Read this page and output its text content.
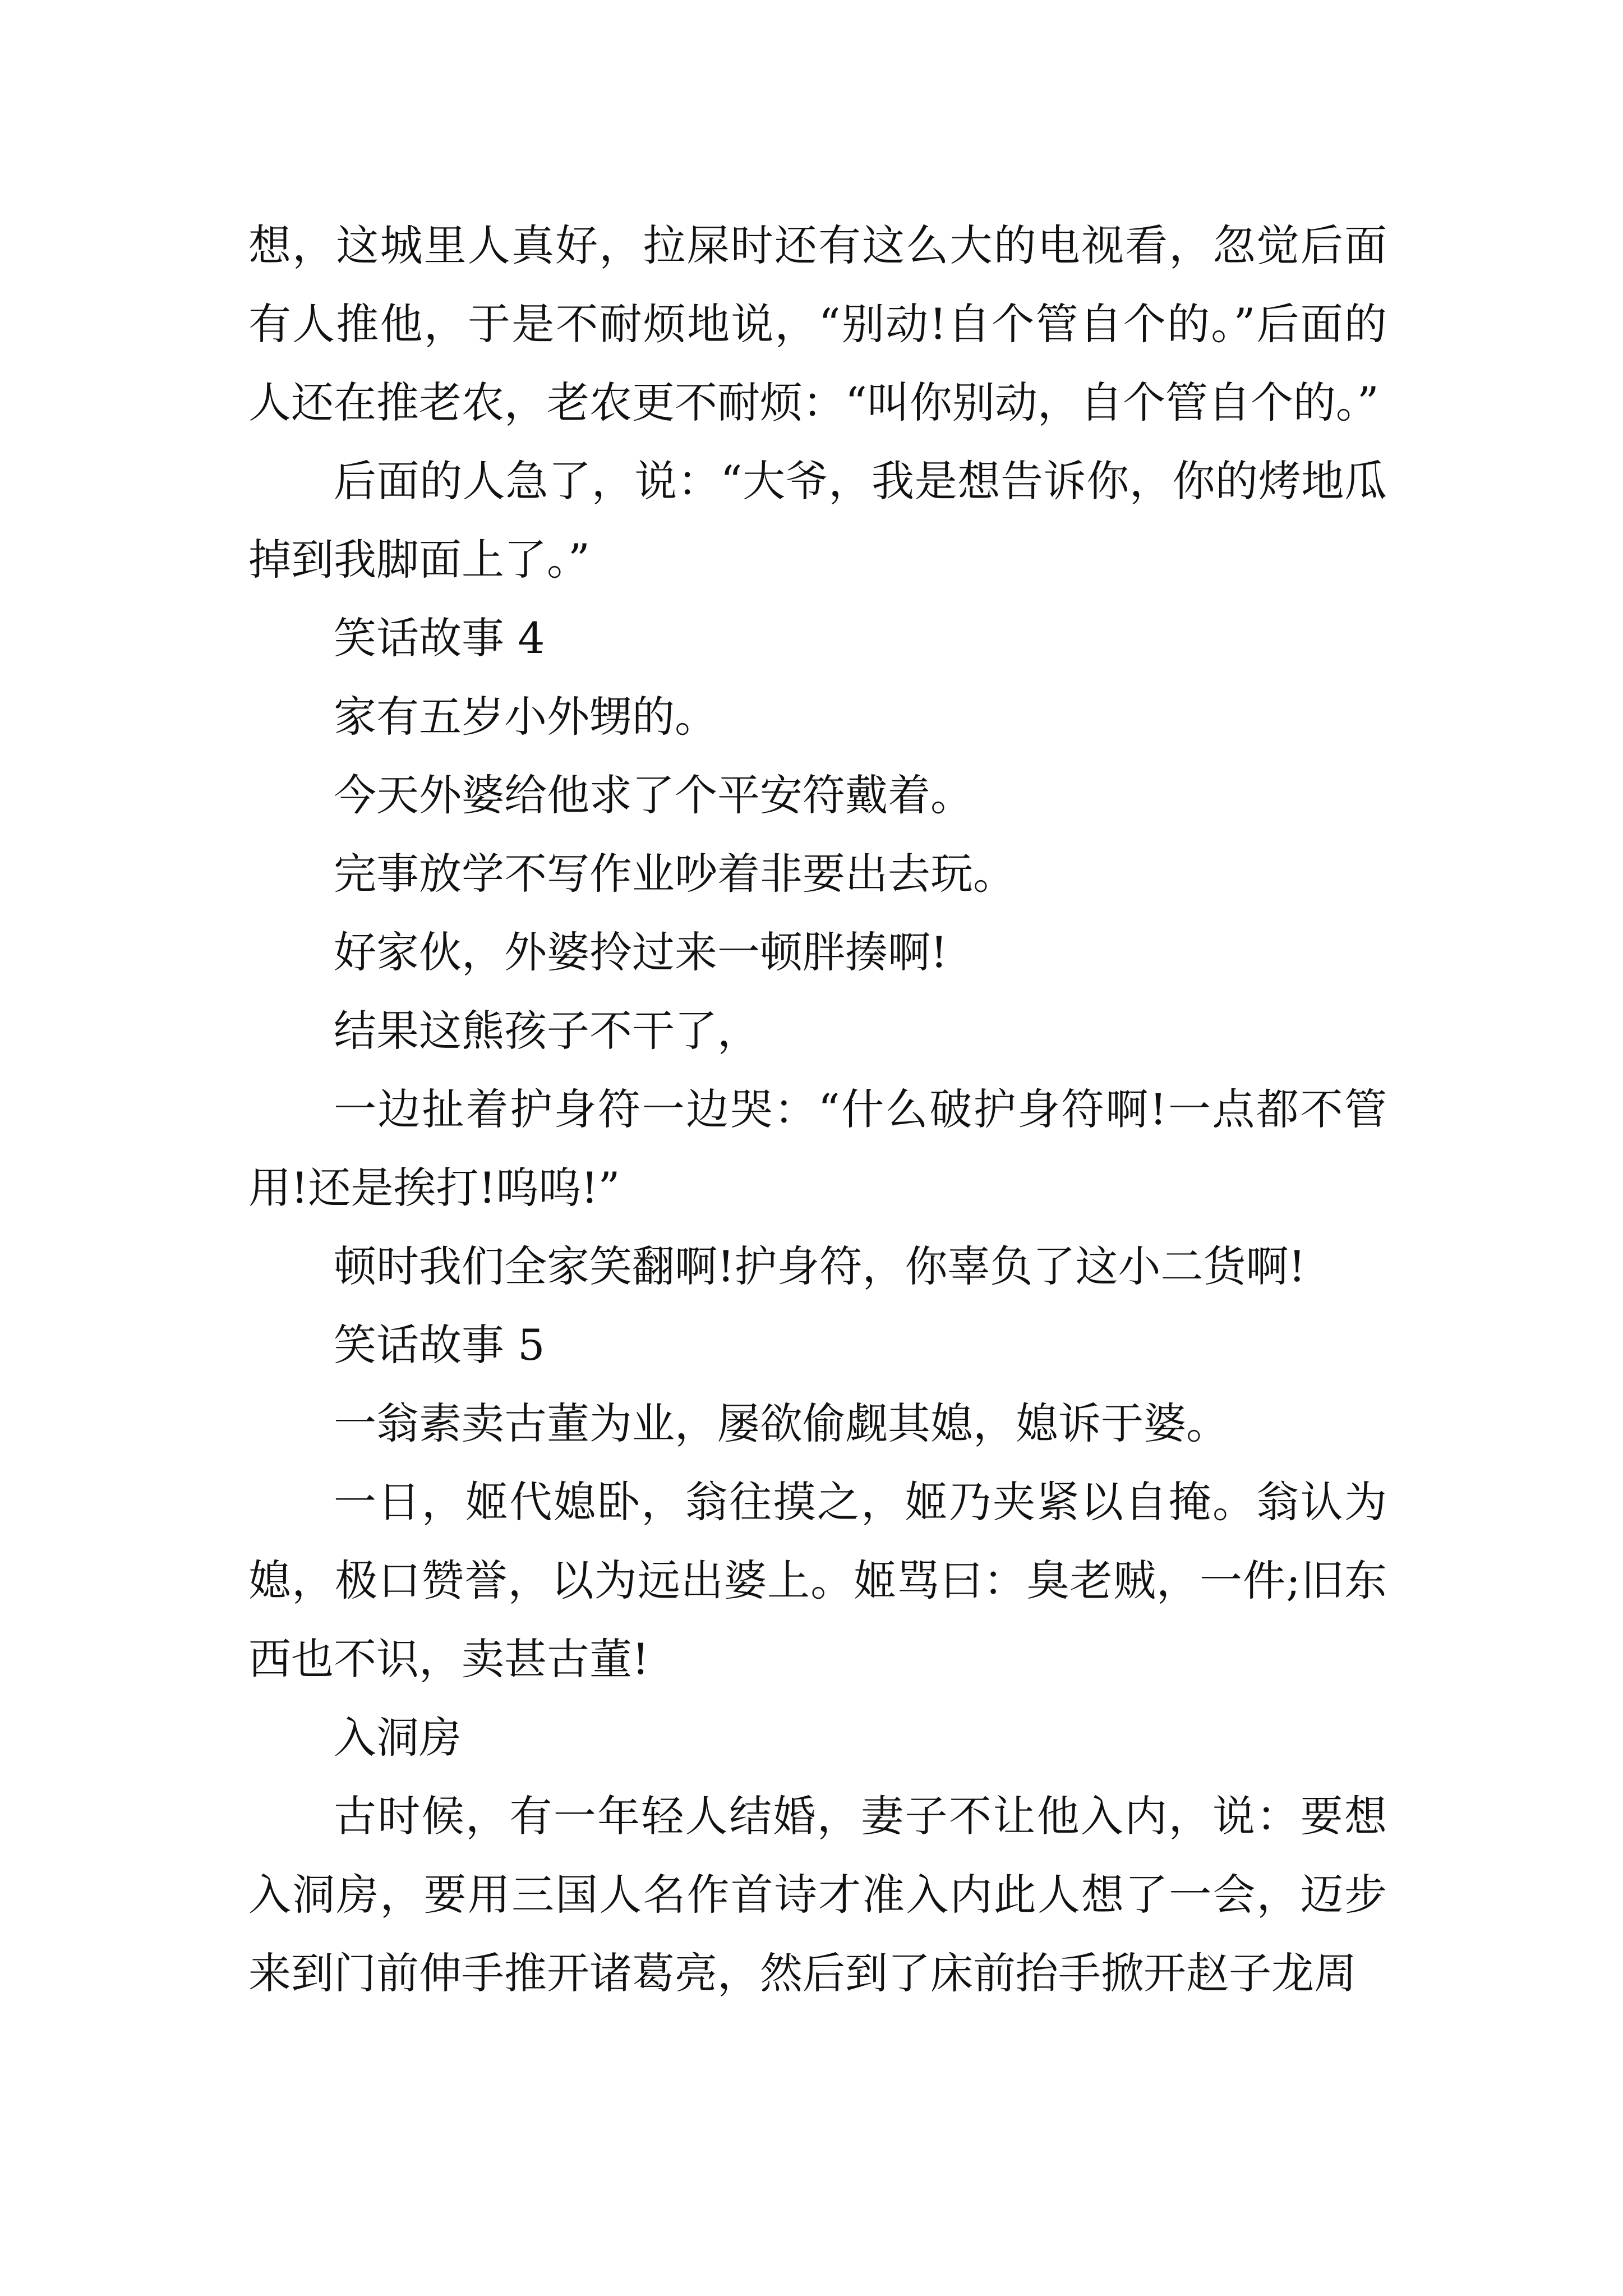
想，这城里人真好，拉屎时还有这么大的电视看，忽觉后面有人推他，于是不耐烦地说，“别动!自个管自个的。”后面的人还在推老农，老农更不耐烦：“叫你别动，自个管自个的。”

后面的人急了，说：“大爷，我是想告诉你，你的烤地瓜掉到我脚面上了。”

笑话故事 4

家有五岁小外甥的。

今天外婆给他求了个平安符戴着。

完事放学不写作业吵着非要出去玩。

好家伙，外婆拎过来一顿胖揍啊!

结果这熊孩子不干了，

一边扯着护身符一边哭：“什么破护身符啊!一点都不管用!还是挨打!呜呜!”

顿时我们全家笑翻啊!护身符，你辜负了这小二货啊!

笑话故事 5

一翁素卖古董为业，屡欲偷觑其媳，媳诉于婆。

一日，姬代媳卧，翁往摸之，姬乃夹紧以自掩。翁认为媳，极口赞誉，以为远出婆上。姬骂曰：臭老贼，一件;旧东西也不识，卖甚古董!

入洞房

古时候，有一年轻人结婚，妻子不让他入内，说：要想入洞房，要用三国人名作首诗才准入内此人想了一会，迈步来到门前伸手推开诸葛亮，然后到了床前抬手掀开赵子龙周
